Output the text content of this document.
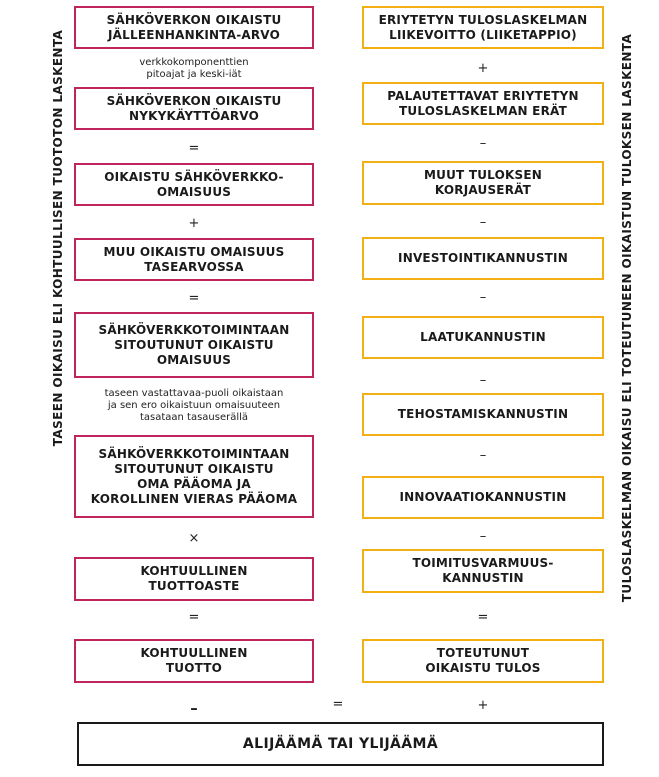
TASEEN OIKAISU ELI KOHTUULLISEN TUOTOTON LASKENTA	TULOSLASKELMAN OIKAISU ELI TOTEUTUNEEN OIKAISTUN TULOKSEN LASKENTA
SÄHKÖVERKON OIKAISTU
JÄLLEENHANKINTA-ARVO
verkkokomponenttien
pitoajat ja keski-iät
SÄHKÖVERKON OIKAISTU
NYKYKÄYTTÖARVO
=
OIKAISTU SÄHKÖVERKKO-
OMAISUUS
+
MUU OIKAISTU OMAISUUS
TASEARVOSSA
=
SÄHKÖVERKKOTOIMINTAAN
SITOUTUNUT OIKAISTU
OMAISUUS
taseen vastattavaa-puoli oikaistaan
ja sen ero oikaistuun omaisuuteen
tasataan tasauserällä
SÄHKÖVERKKOTOIMINTAAN
SITOUTUNUT OIKAISTU
OMA PÄÄOMA JA
KOROLLINEN VIERAS PÄÄOMA
×
KOHTUULLINEN
TUOTTOASTE
=
KOHTUULLINEN
TUOTTO
–
ERIYTETYN TULOSLASKELMAN
LIIKEVOITTO (LIIKETAPPIO)
+
PALAUTETTAVAT ERIYTETYN
TULOSLASKELMAN ERÄT
–
MUUT TULOKSEN
KORJAUSERÄT
–
INVESTOINTIKANNUSTIN
–
LAATUKANNUSTIN
–
TEHOSTAMISKANNUSTIN
–
INNOVAATIOKANNUSTIN
–
TOIMITUSVARMUUS-
KANNUSTIN
=
TOTEUTUNUT
OIKAISTU TULOS
+
=
ALIJÄÄMÄ TAI YLIJÄÄMÄ
